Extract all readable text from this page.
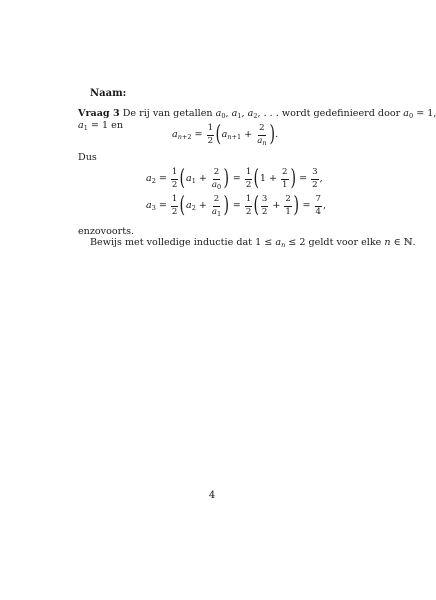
Naam:
Vraag 3 De rij van getallen $a_0$, $a_1$, $a_2$, . . . wordt gedefinieerd door $a_0 = 1$,
$a_1 = 1$ en
$a_{n+2} = \frac{1}{2}$ ( $a_{n+1} + \frac{2}{a_n}$ ) .
Dus
$a_2 = \frac{1}{2}$ ( $a_1 + \frac{2}{a_0}$ ) = $\frac{1}{2}$ ( $1 + \frac{2}{1}$ ) = $\frac{3}{2}$ ,
$a_3 = \frac{1}{2}$ ( $a_2 + \frac{2}{a_1}$ ) = $\frac{1}{2}$ ( $\frac{3}{2} + \frac{2}{1}$ ) = $\frac{7}{4}$ ,
enzovoorts.
Bewijs met volledige inductie dat $1 \le a_n \le 2$ geldt voor elke n ∈ ℕ.
4
